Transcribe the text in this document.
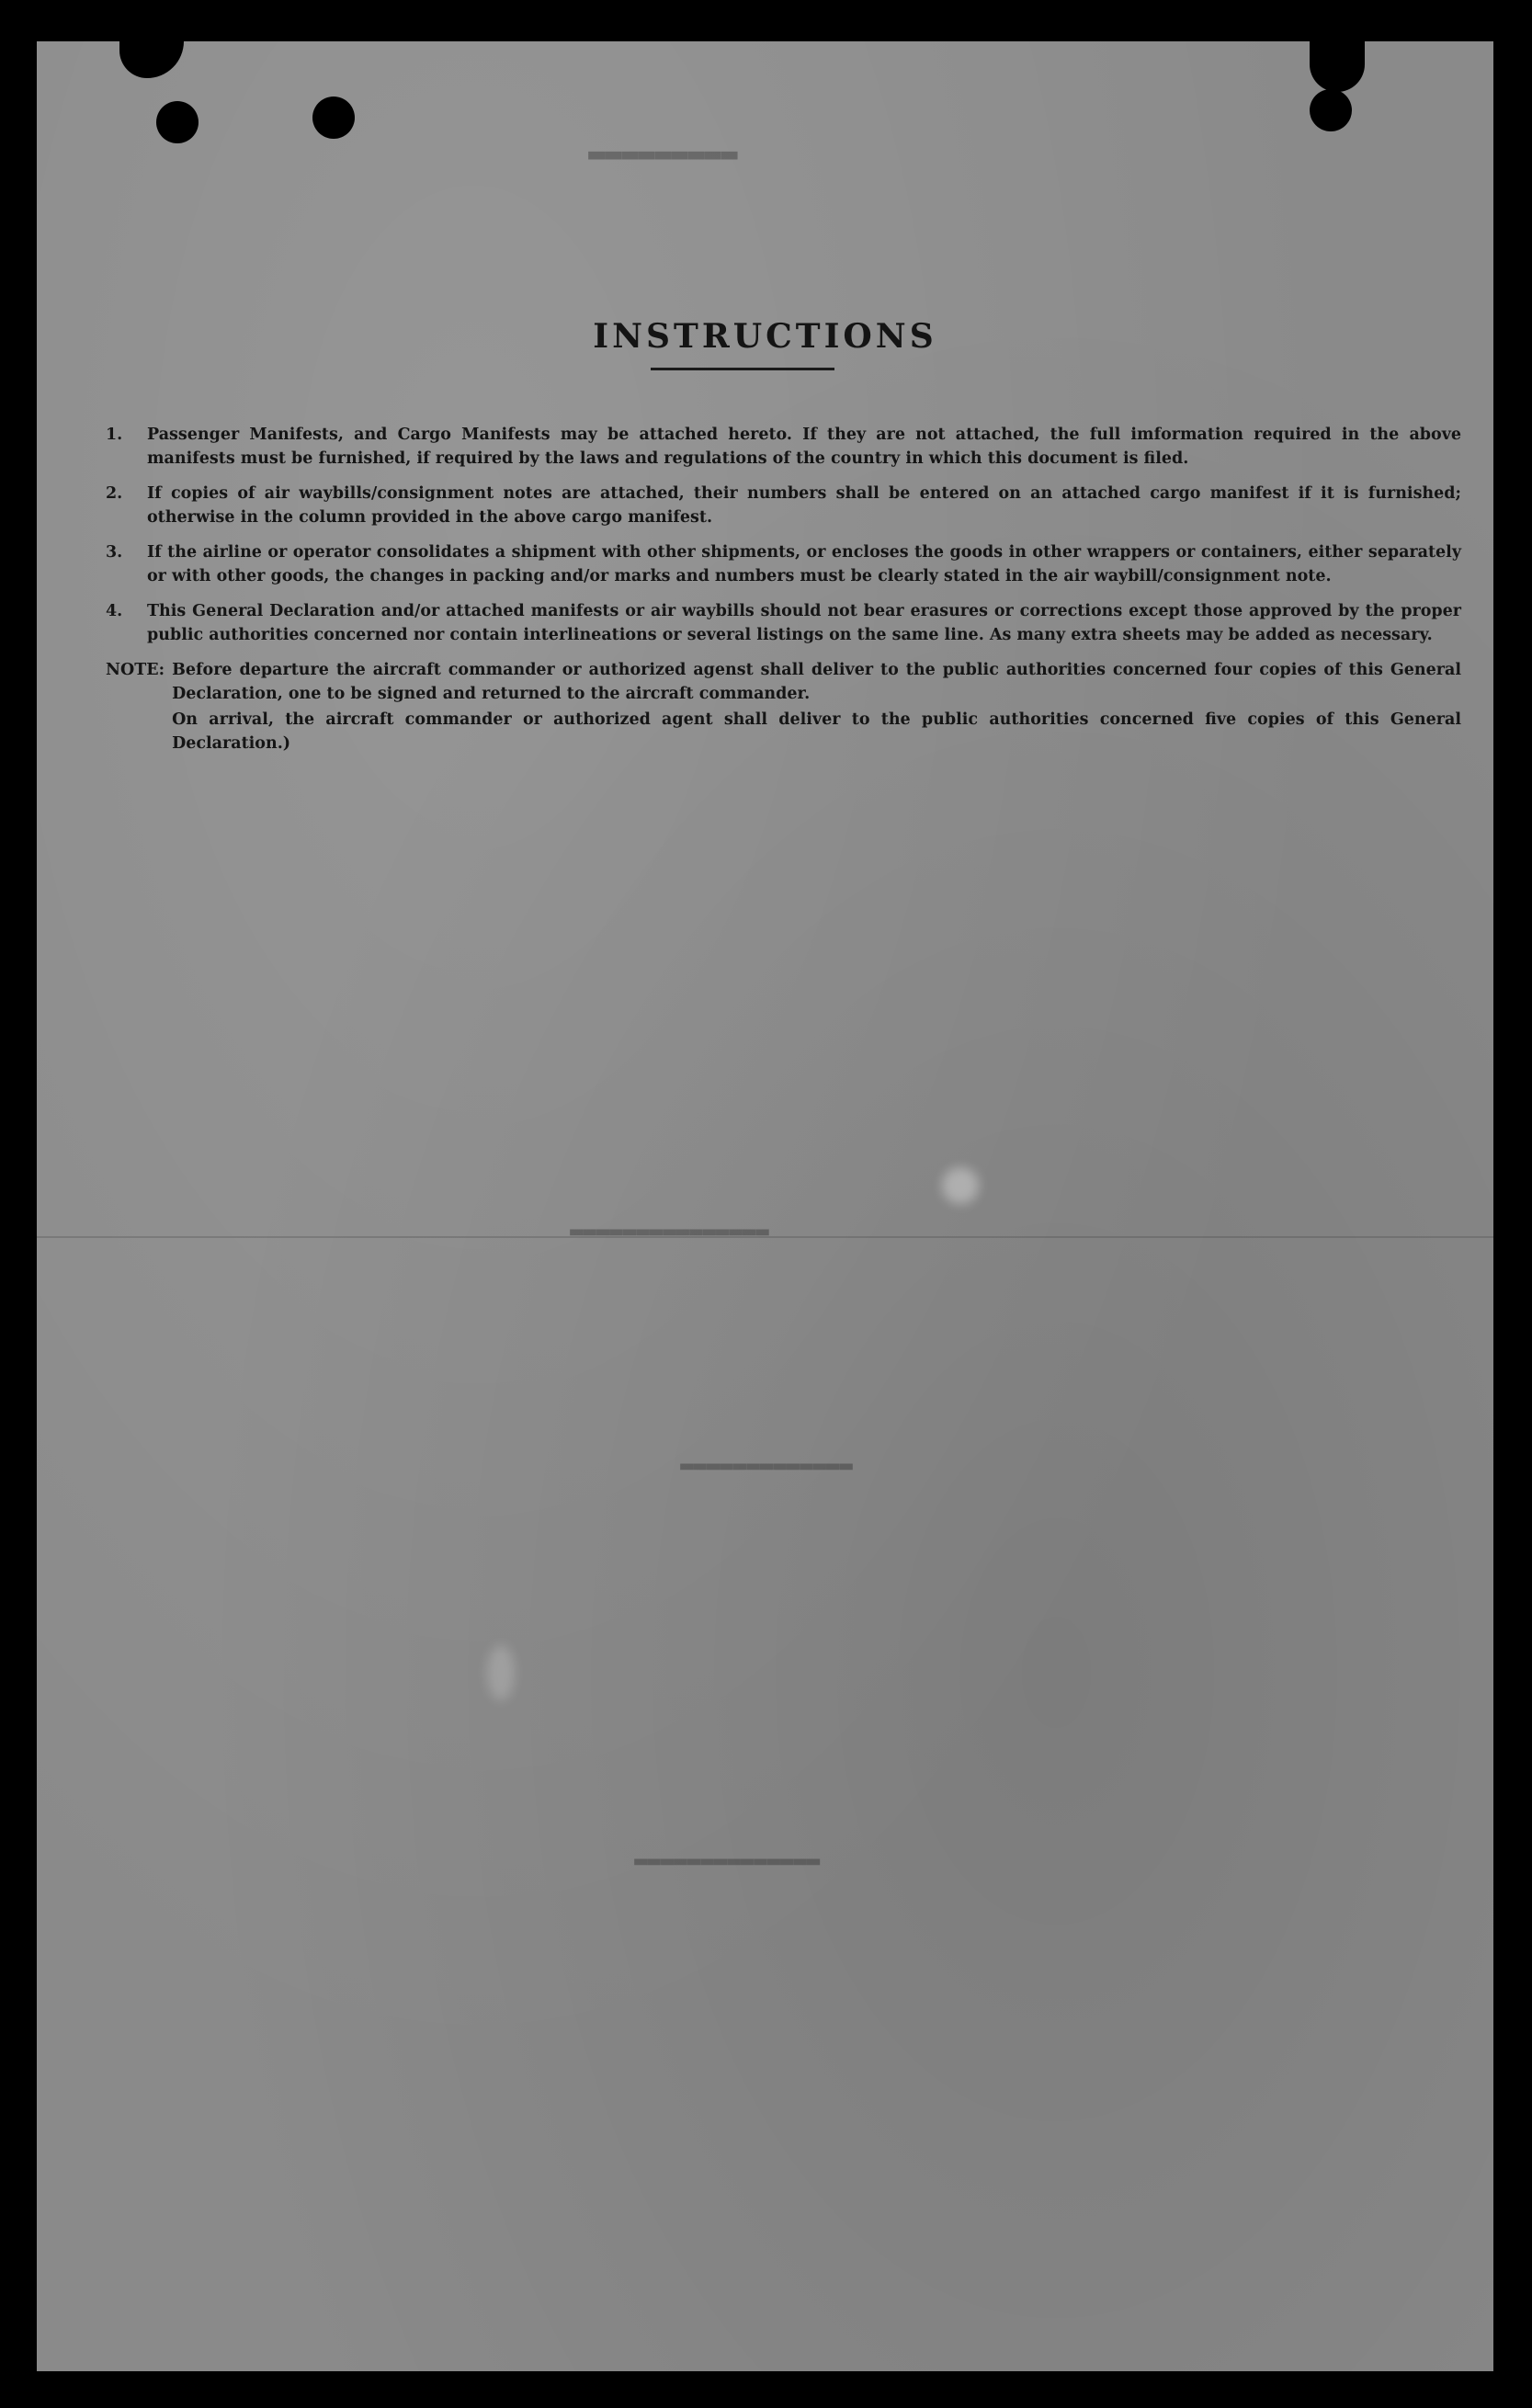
▬▬▬▬▬▬▬▬▬
▬▬▬▬▬▬▬▬▬▬▬▬▬▬▬
▬▬▬▬▬▬▬▬▬▬▬▬▬
▬▬▬▬▬▬▬▬▬▬▬▬▬▬
INSTRUCTIONS
1.	Passenger Manifests, and Cargo Manifests may be attached hereto. If they are not attached, the full imformation required in the above manifests must be furnished, if required by the laws and regulations of the country in which this document is filed.
2.	If copies of air waybills/consignment notes are attached, their numbers shall be entered on an attached cargo manifest if it is furnished; otherwise in the column provided in the above cargo manifest.
3.	If the airline or operator consolidates a shipment with other shipments, or encloses the goods in other wrappers or containers, either separately or with other goods, the changes in packing and/or marks and numbers must be clearly stated in the air waybill/consignment note.
4.	This General Declaration and/or attached manifests or air waybills should not bear erasures or corrections except those approved by the proper public authorities concerned nor contain interlineations or several listings on the same line. As many extra sheets may be added as necessary.
NOTE: Before departure the aircraft commander or authorized agenst shall deliver to the public authorities concerned four copies of this General Declaration, one to be signed and returned to the aircraft commander.

On arrival, the aircraft commander or authorized agent shall deliver to the public authorities concerned five copies of this General Declaration.)
